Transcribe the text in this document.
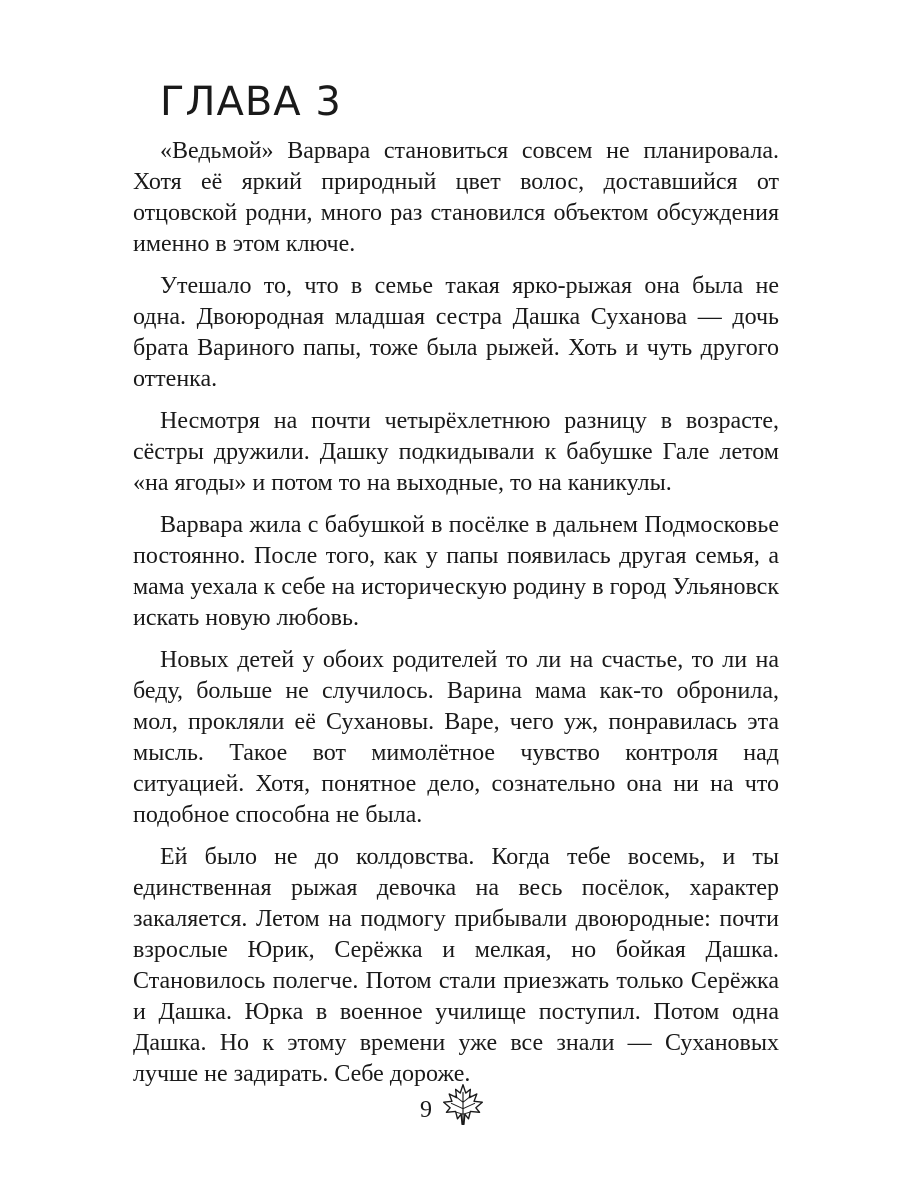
ГЛАВА 3

«Ведьмой» Варвара становиться совсем не планировала. Хотя её яркий природный цвет волос, доставшийся от отцовской родни, много раз становился объектом обсуждения именно в этом ключе.

Утешало то, что в семье такая ярко-рыжая она была не одна. Двоюродная младшая сестра Дашка Суханова — дочь брата Вариного папы, тоже была рыжей. Хоть и чуть другого оттенка.

Несмотря на почти четырёхлетнюю разницу в возрасте, сёстры дружили. Дашку подкидывали к бабушке Гале летом «на ягоды» и потом то на выходные, то на каникулы.

Варвара жила с бабушкой в посёлке в дальнем Подмосковье постоянно. После того, как у папы появилась другая семья, а мама уехала к себе на историческую родину в город Ульяновск искать новую любовь.

Новых детей у обоих родителей то ли на счастье, то ли на беду, больше не случилось. Варина мама как-то обронила, мол, прокляли её Сухановы. Варе, чего уж, понравилась эта мысль. Такое вот мимолётное чувство контроля над ситуацией. Хотя, понятное дело, сознательно она ни на что подобное способна не была.

Ей было не до колдовства. Когда тебе восемь, и ты единственная рыжая девочка на весь посёлок, характер закаляется. Летом на подмогу прибывали двоюродные: почти взрослые Юрик, Серёжка и мелкая, но бойкая Дашка. Становилось полегче. Потом стали приезжать только Серёжка и Дашка. Юрка в военное училище поступил. Потом одна Дашка. Но к этому времени уже все знали — Сухановых лучше не задирать. Себе дороже.

9
